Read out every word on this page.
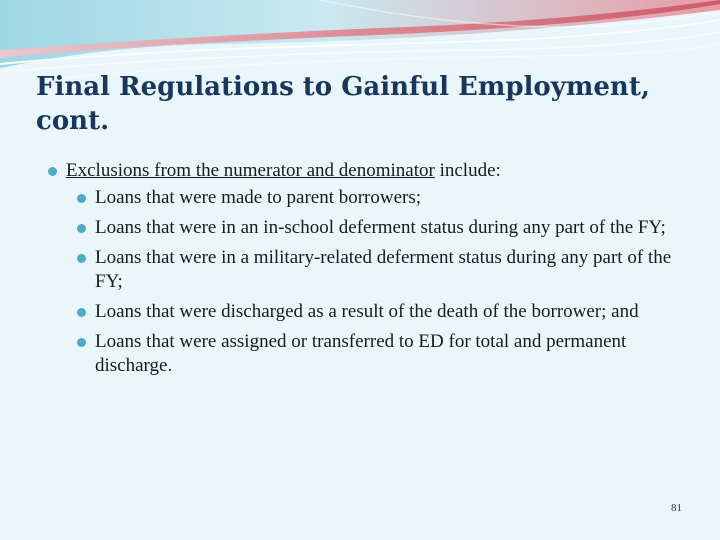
Final Regulations to Gainful Employment, cont.
Exclusions from the numerator and denominator include:
Loans that were made to parent borrowers;
Loans that were in an in-school deferment status during any part of the FY;
Loans that were in a military-related deferment status during any part of the FY;
Loans that were discharged as a result of the death of the borrower; and
Loans that were assigned or transferred to ED for total and permanent discharge.
81
